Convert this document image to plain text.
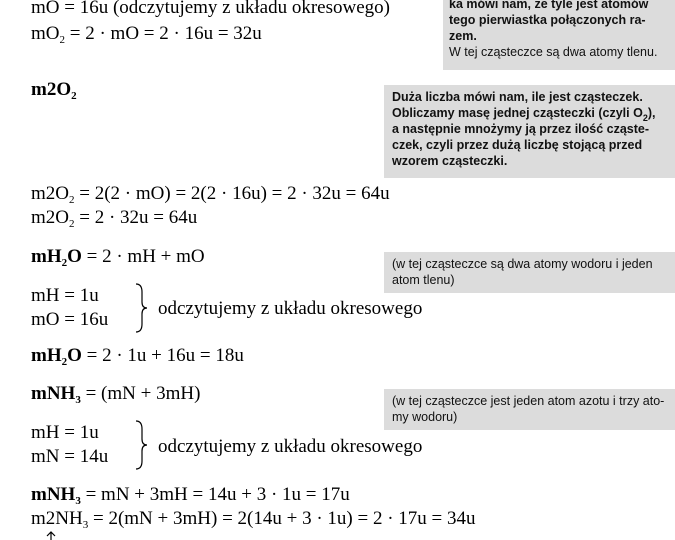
mO = 16u (odczytujemy z układu okresowego)
$mO_2 = 2$ · mO = 2 · 16u = 32u
ka mówi nam, że tyle jest atomów
tego pierwiastka połączonych ra-
zem.
W tej cząsteczce są dwa atomy tlenu.
$m2O_2$	Duża liczba mówi nam, ile jest cząsteczek.
Obliczamy masę jednej cząsteczki (czyli $O_2$),
a następnie mnożymy ją przez ilość cząste-
czek, czyli przez dużą liczbę stojącą przed
wzorem cząsteczki.
$m2O_2 = 2(2 \cdot mO) = 2(2 \cdot 16u) = 2 \cdot 32u = 64u$
$m2O_2 = 2 \cdot 32u = 64u$
$mH_2O = 2$ · mH + mO	(w tej cząsteczce są dwa atomy wodoru i jeden
atom tlenu)
mH = 1u
mO = 16u
odczytujemy z układu okresowego
$mH_2O = 2 \cdot 1u + 16u = 18u$
mNH$_3$ = (mN + 3mH)	(w tej cząsteczce jest jeden atom azotu i trzy ato-
my wodoru)
mH = 1u
mN = 14u	odczytujemy z układu okresowego
mNH$_3$ = mN + 3mH = 14u + 3 · 1u = 17u
$m2NH_3 = 2(mN + 3mH) = 2(14u + 3 \cdot 1u) = 2 \cdot 17u = 34u$
